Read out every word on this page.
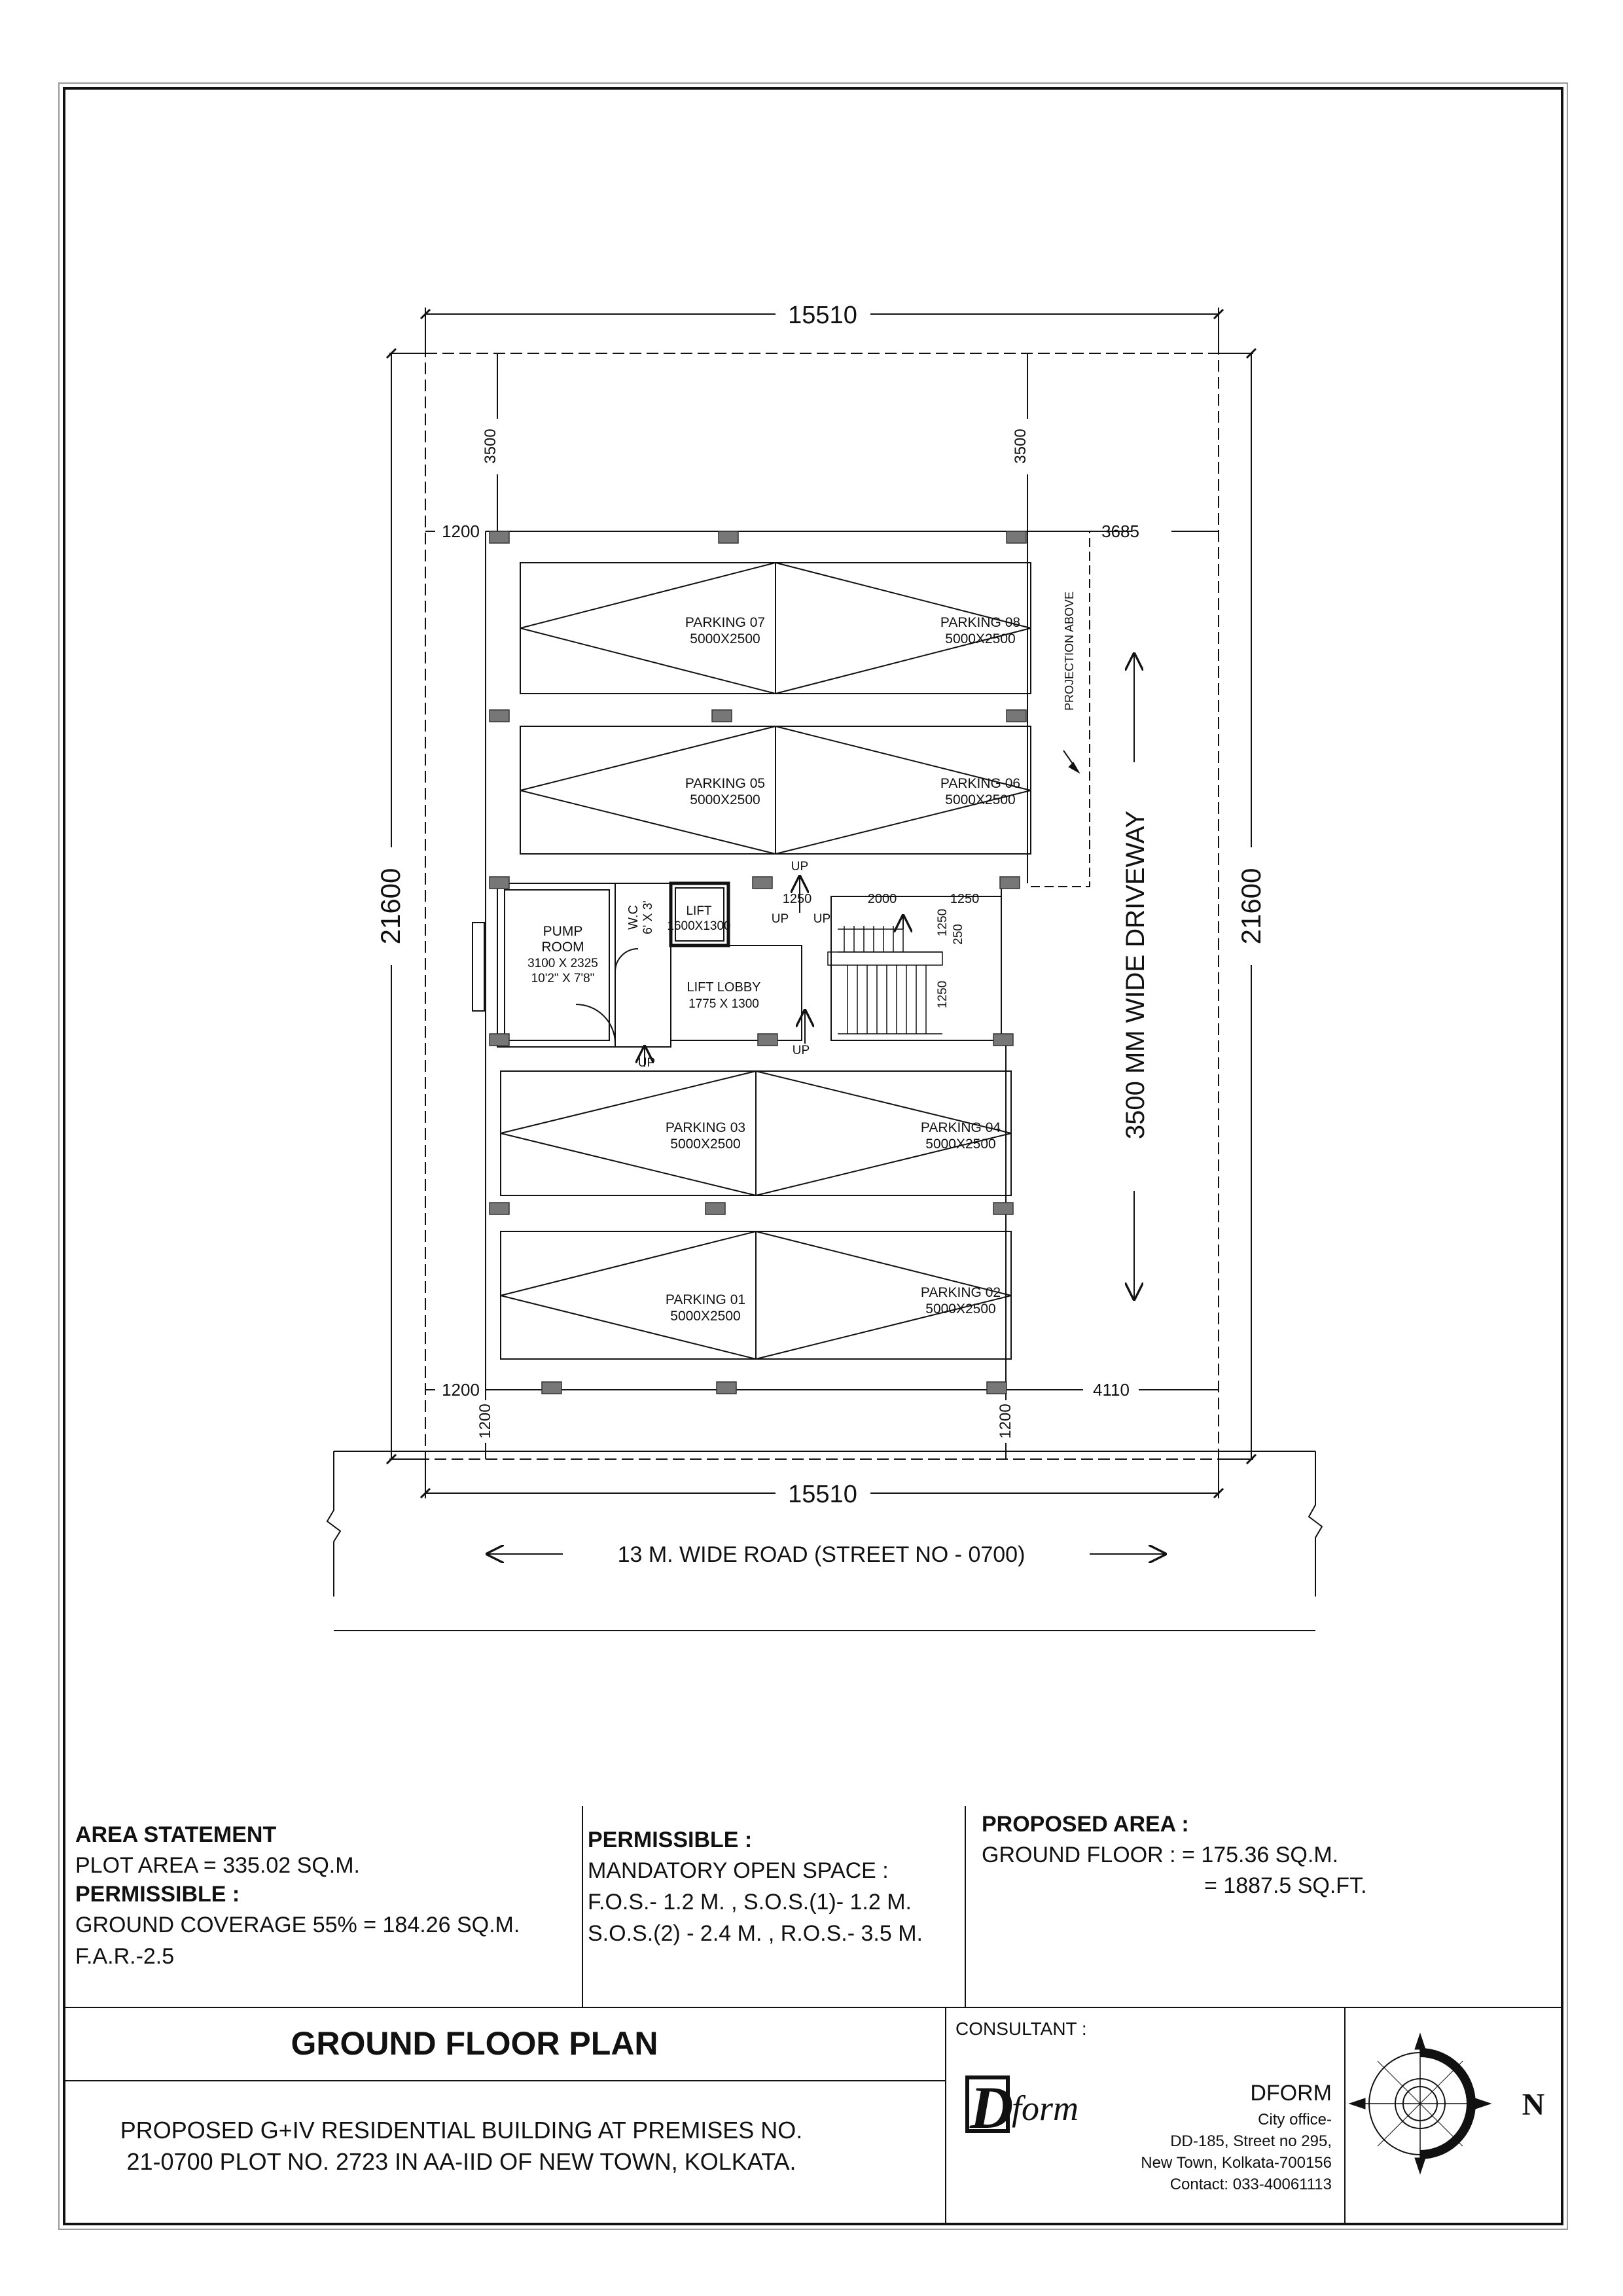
15510
15510
21600	21600
3500	3500
1200
1200
3685
4110
1200	1200
1250	2000	1250
1250 250
1250
PARKING 07
5000X2500
PARKING 08
5000X2500
PARKING 05
5000X2500
PARKING 06
5000X2500
PARKING 03
5000X2500
PARKING 04
5000X2500
PARKING 01
5000X2500
PARKING 02
5000X2500
PUMP
ROOM
3100 X 2325
10'2" X 7'8"
W.C 6' X 3' LIFT
1600X1300
LIFT LOBBY
1775 X 1300
UP
UP
UP
UP
UP
PROJECTION ABOVE
3500 MM WIDE DRIVEWAY
13 M. WIDE ROAD (STREET NO - 0700)
AREA STATEMENT
PLOT AREA = 335.02 SQ.M.
PERMISSIBLE :
GROUND COVERAGE 55% = 184.26 SQ.M.
F.A.R.-2.5
PERMISSIBLE :
MANDATORY OPEN SPACE :
F.O.S.- 1.2 M. , S.O.S.(1)- 1.2 M.
S.O.S.(2) - 2.4 M. , R.O.S.- 3.5 M.
PROPOSED AREA :
GROUND FLOOR : = 175.36 SQ.M.
= 1887.5 SQ.FT.
GROUND FLOOR PLAN
PROPOSED G+IV RESIDENTIAL BUILDING AT PREMISES NO.
21-0700 PLOT NO. 2723 IN AA-IID OF NEW TOWN, KOLKATA.
CONSULTANT :
D
form	DFORM
City office-
DD-185, Street no 295,
New Town, Kolkata-700156
Contact: 033-40061113
N
